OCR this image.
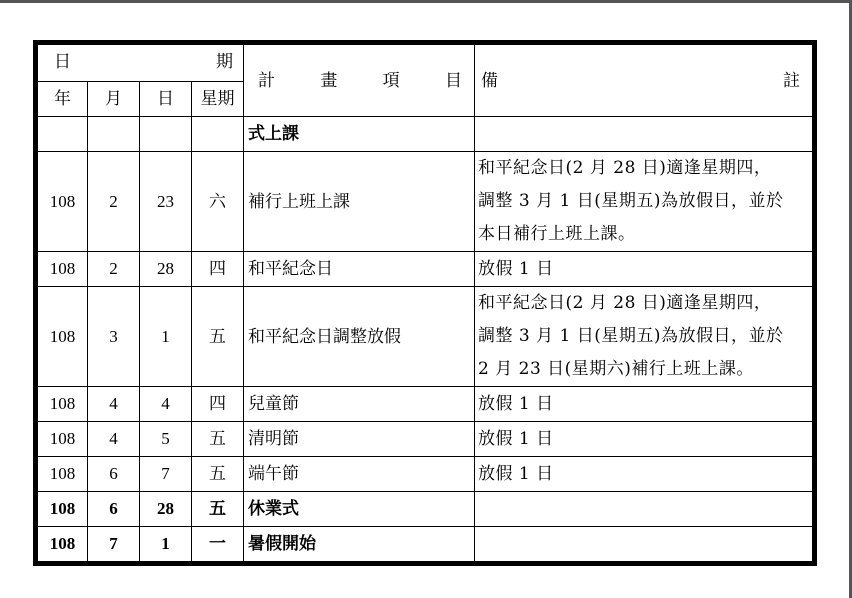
日 期				計 畫 項 目	備 註

年	月	日	星期		
				式上課	

108	2	23	六	補行上班上課	和平紀念日(2 月 28 日)適逢星期四，
調整 3 月 1 日(星期五)為放假日，並於
本日補行上班上課。

108	2	28	四	和平紀念日	放假 1 日

108	3	1	五	和平紀念日調整放假	和平紀念日(2 月 28 日)適逢星期四，
調整 3 月 1 日(星期五)為放假日，並於
2 月 23 日(星期六)補行上班上課。

108	4	4	四	兒童節	放假 1 日

108	4	5	五	清明節	放假 1 日

108	6	7	五	端午節	放假 1 日

108	6	28	五	休業式	

108	7	1	一	暑假開始	
